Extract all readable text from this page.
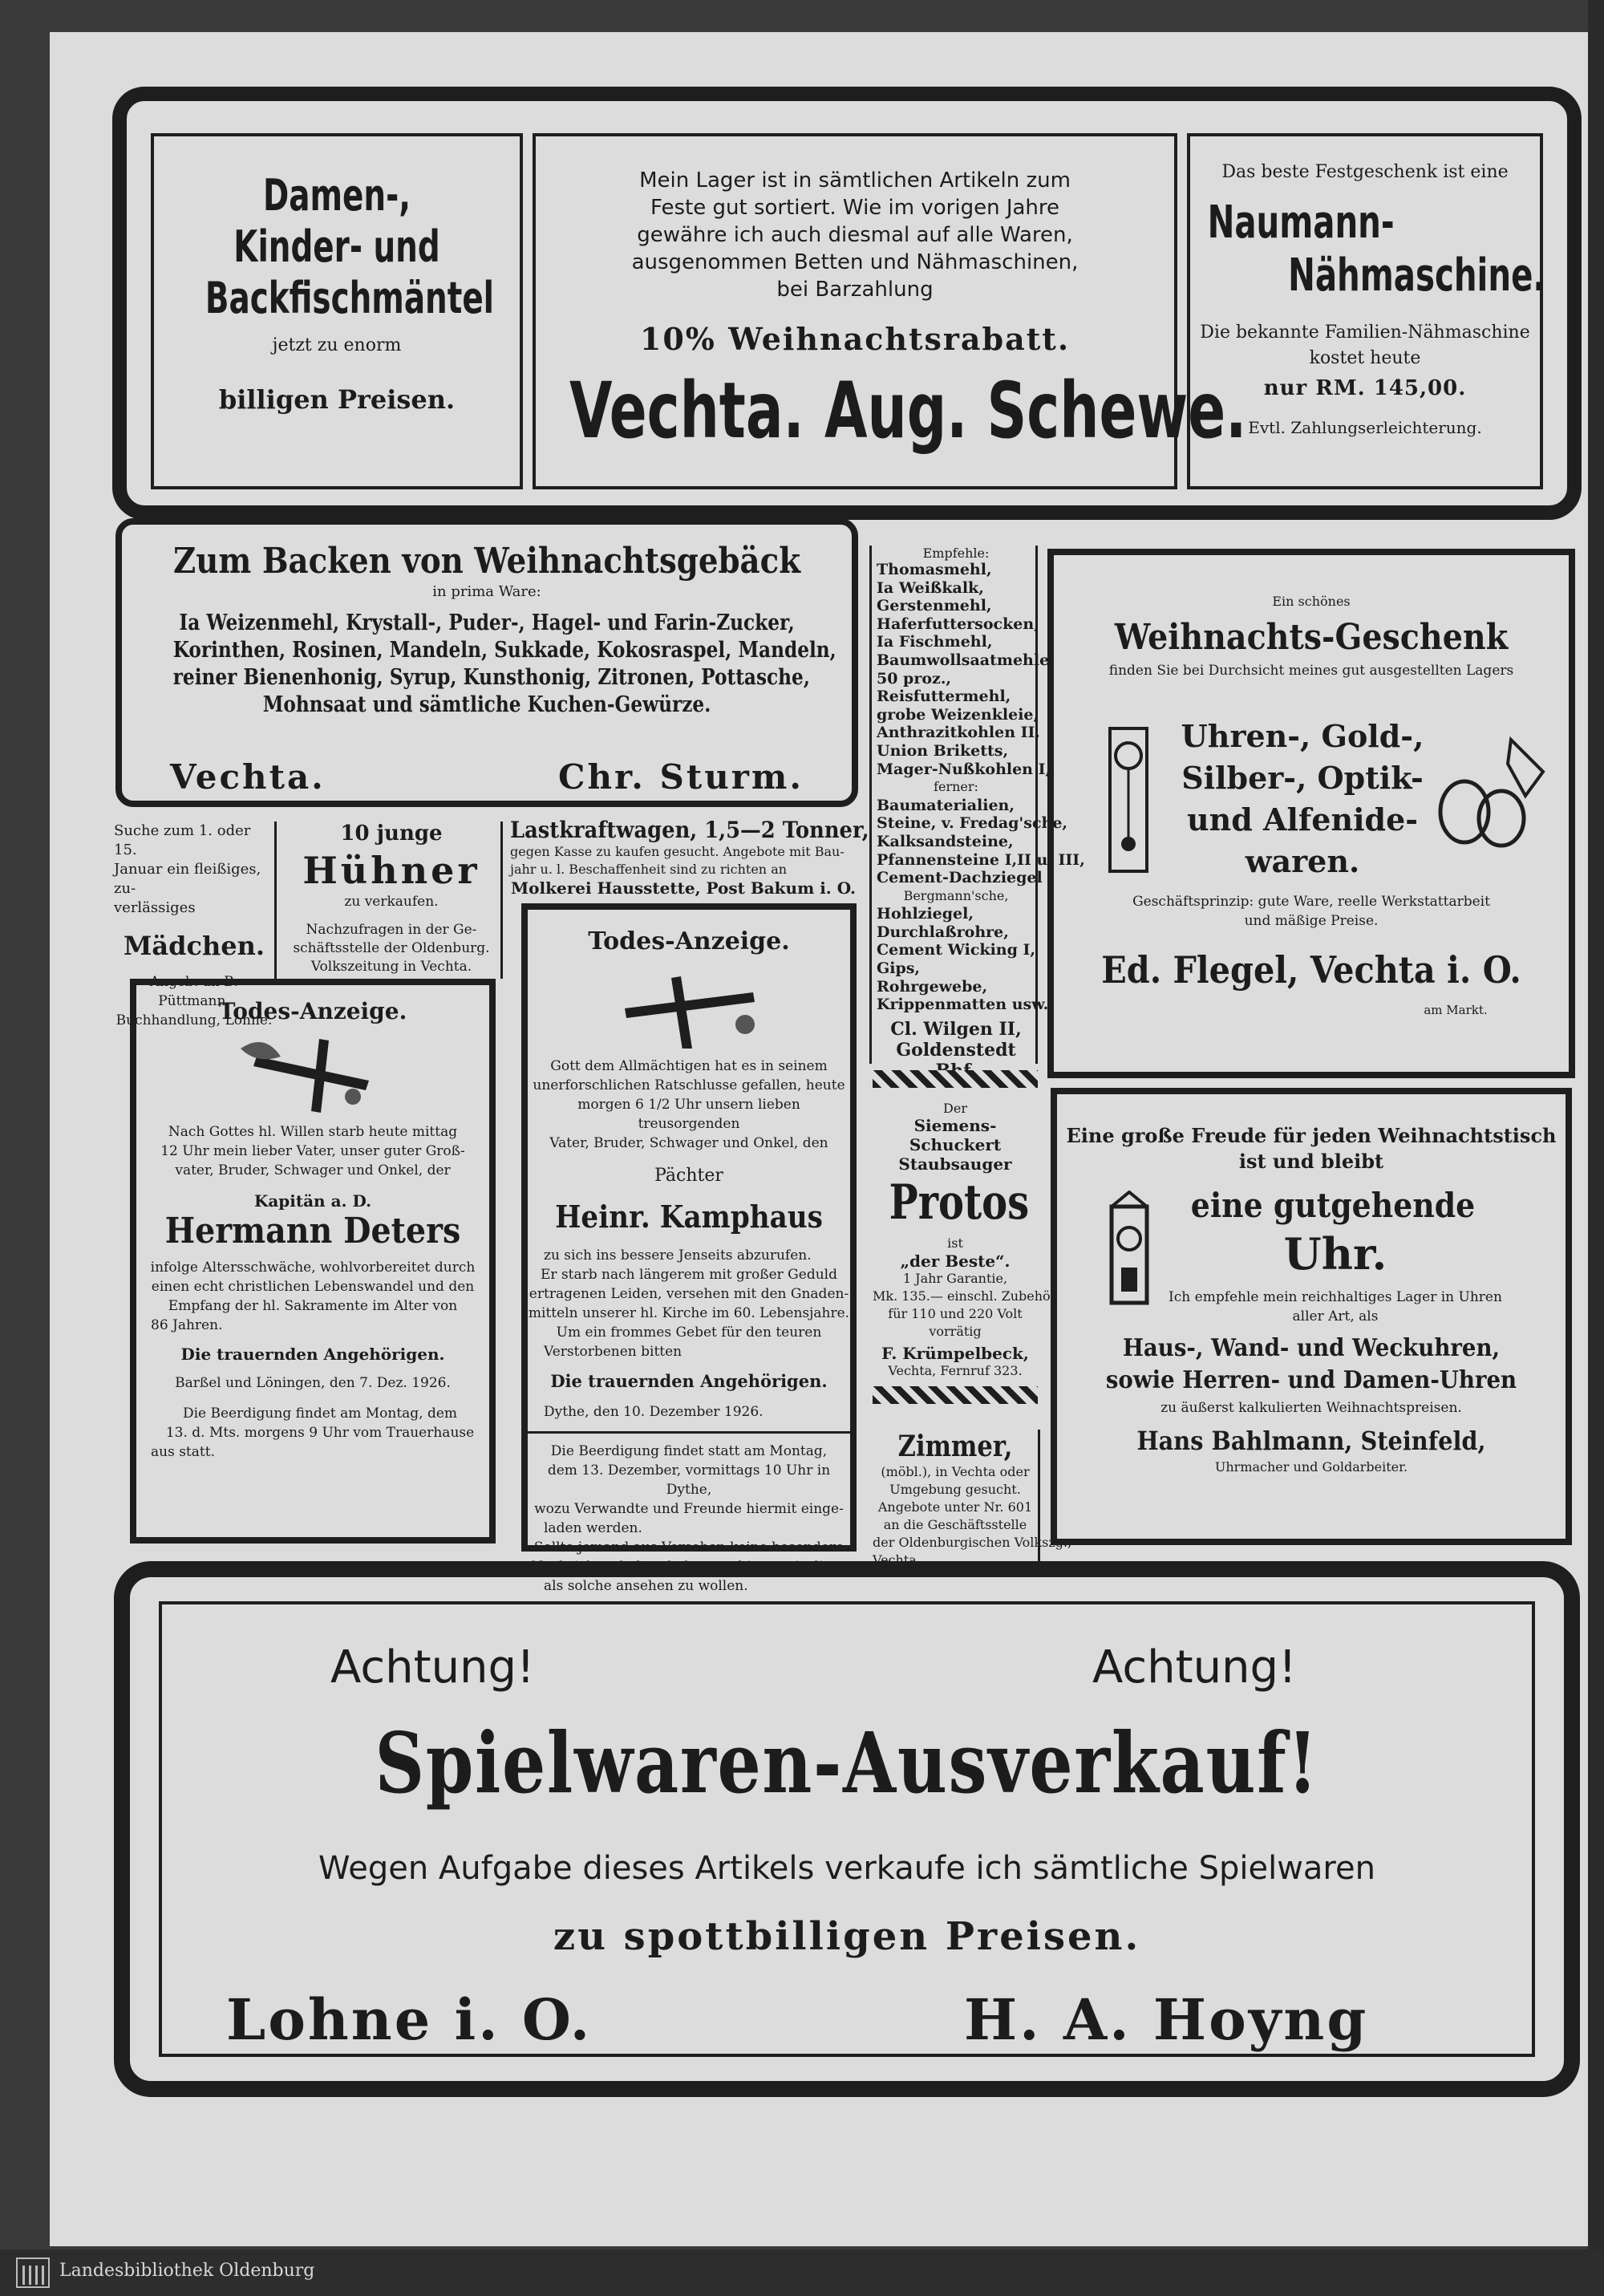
Damen-,
Kinder- und
Backfischmäntel
jetzt zu enorm
billigen Preisen.
Mein Lager ist in sämtlichen Artikeln zum
Feste gut sortiert. Wie im vorigen Jahre
gewähre ich auch diesmal auf alle Waren,
ausgenommen Betten und Nähmaschinen,
bei Barzahlung
10% Weihnachtsrabatt.
Vechta. Aug. Schewe.
Das beste Festgeschenk ist eine
Naumann-
Nähmaschine.
Die bekannte Familien-Nähmaschine
kostet heute
nur RM. 145,00.
Evtl. Zahlungserleichterung.
Zum Backen von Weihnachtsgebäck
in prima Ware:
Ia Weizenmehl, Krystall-, Puder-, Hagel- und Farin-Zucker,
Korinthen, Rosinen, Mandeln, Sukkade, Kokosraspel, Mandeln,
reiner Bienenhonig, Syrup, Kunsthonig, Zitronen, Pottasche,
Mohnsaat und sämtliche Kuchen-Gewürze.
Vechta.	Chr. Sturm.
Suche zum 1. oder 15.
Januar ein fleißiges, zu-
verlässiges
Mädchen.
Angeb. an B. Püttmann,
Buchhandlung, Lohne.
10 junge
Hühner
zu verkaufen.
Nachzufragen in der Ge-
schäftsstelle der Oldenburg.
Volkszeitung in Vechta.
Lastkraftwagen, 1,5—2 Tonner,
gegen Kasse zu kaufen gesucht. Angebote mit Bau-
jahr u. l. Beschaffenheit sind zu richten an
Molkerei Hausstette, Post Bakum i. O.
Empfehle:
Thomasmehl,
Ia Weißkalk,
Gerstenmehl,
Haferfuttersocken,
Ia Fischmehl,
Baumwollsaatmehle
50 proz.,
Reisfuttermehl,
grobe Weizenkleie,
Anthrazitkohlen II,
Union Briketts,
Mager-Nußkohlen I,
ferner:
Baumaterialien,
Steine, v. Fredag'sche,
Kalksandsteine,
Pfannensteine I,II u. III,
Cement-Dachziegel
Bergmann'sche,
Hohlziegel,
Durchlaßrohre,
Cement Wicking I,
Gips,
Rohrgewebe,
Krippenmatten usw.
Cl. Wilgen II,
Goldenstedt
Ein schönes
Weihnachts-Geschenk
finden Sie bei Durchsicht meines gut ausgestellten Lagers
Uhren-, Gold-,
Silber-, Optik-
und Alfenide-
waren.
Geschäftsprinzip: gute Ware, reelle Werkstattarbeit
und mäßige Preise.
Ed. Flegel, Vechta i. O.
am Markt.
Todes-Anzeige.
Nach Gottes hl. Willen starb heute mittag
12 Uhr mein lieber Vater, unser guter Groß-
vater, Bruder, Schwager und Onkel, der
Kapitän a. D.
Hermann Deters
infolge Altersschwäche, wohlvorbereitet durch
einen echt christlichen Lebenswandel und den
Empfang der hl. Sakramente im Alter von
86 Jahren.
Die trauernden Angehörigen.
Barßel und Löningen, den 7. Dez. 1926.
Die Beerdigung findet am Montag, dem
13. d. Mts. morgens 9 Uhr vom Trauerhause
aus statt.
Todes-Anzeige.
Gott dem Allmächtigen hat es in seinem
unerforschlichen Ratschlusse gefallen, heute
morgen 6 1/2 Uhr unsern lieben treusorgenden
Vater, Bruder, Schwager und Onkel, den
Pächter
Heinr. Kamphaus
zu sich ins bessere Jenseits abzurufen.
Er starb nach längerem mit großer Geduld
ertragenen Leiden, versehen mit den Gnaden-
mitteln unserer hl. Kirche im 60. Lebensjahre.
Um ein frommes Gebet für den teuren
Verstorbenen bitten
Die trauernden Angehörigen.
Dythe, den 10. Dezember 1926.
Die Beerdigung findet statt am Montag,
dem 13. Dezember, vormittags 10 Uhr in Dythe,
wozu Verwandte und Freunde hiermit einge-
laden werden.
Sollte jemand aus Versehen keine besondere
Nachricht erhalten haben, so bitten wir diese
als solche ansehen zu wollen.
Der
Siemens-Schuckert
Staubsauger
Protos
ist
„der Beste“.
1 Jahr Garantie,
Mk. 135.— einschl. Zubehör
für 110 und 220 Volt
vorrätig
F. Krümpelbeck,
Vechta, Fernruf 323.
Zimmer,
(möbl.), in Vechta oder
Umgebung gesucht.
Angebote unter Nr. 601
an die Geschäftsstelle
der Oldenburgischen Volkszg.,
Vechta.
Eine große Freude für jeden Weihnachtstisch
ist und bleibt
eine gutgehende
Uhr.
Ich empfehle mein reichhaltiges Lager in Uhren
aller Art, als
Haus-, Wand- und Weckuhren,
sowie Herren- und Damen-Uhren
zu äußerst kalkulierten Weihnachtspreisen.
Hans Bahlmann, Steinfeld,
Uhrmacher und Goldarbeiter.
Achtung!	Achtung!
Spielwaren-Ausverkauf!
Wegen Aufgabe dieses Artikels verkaufe ich sämtliche Spielwaren
zu spottbilligen Preisen.
Lohne i. O.	H. A. Hoyng
Landesbibliothek Oldenburg
